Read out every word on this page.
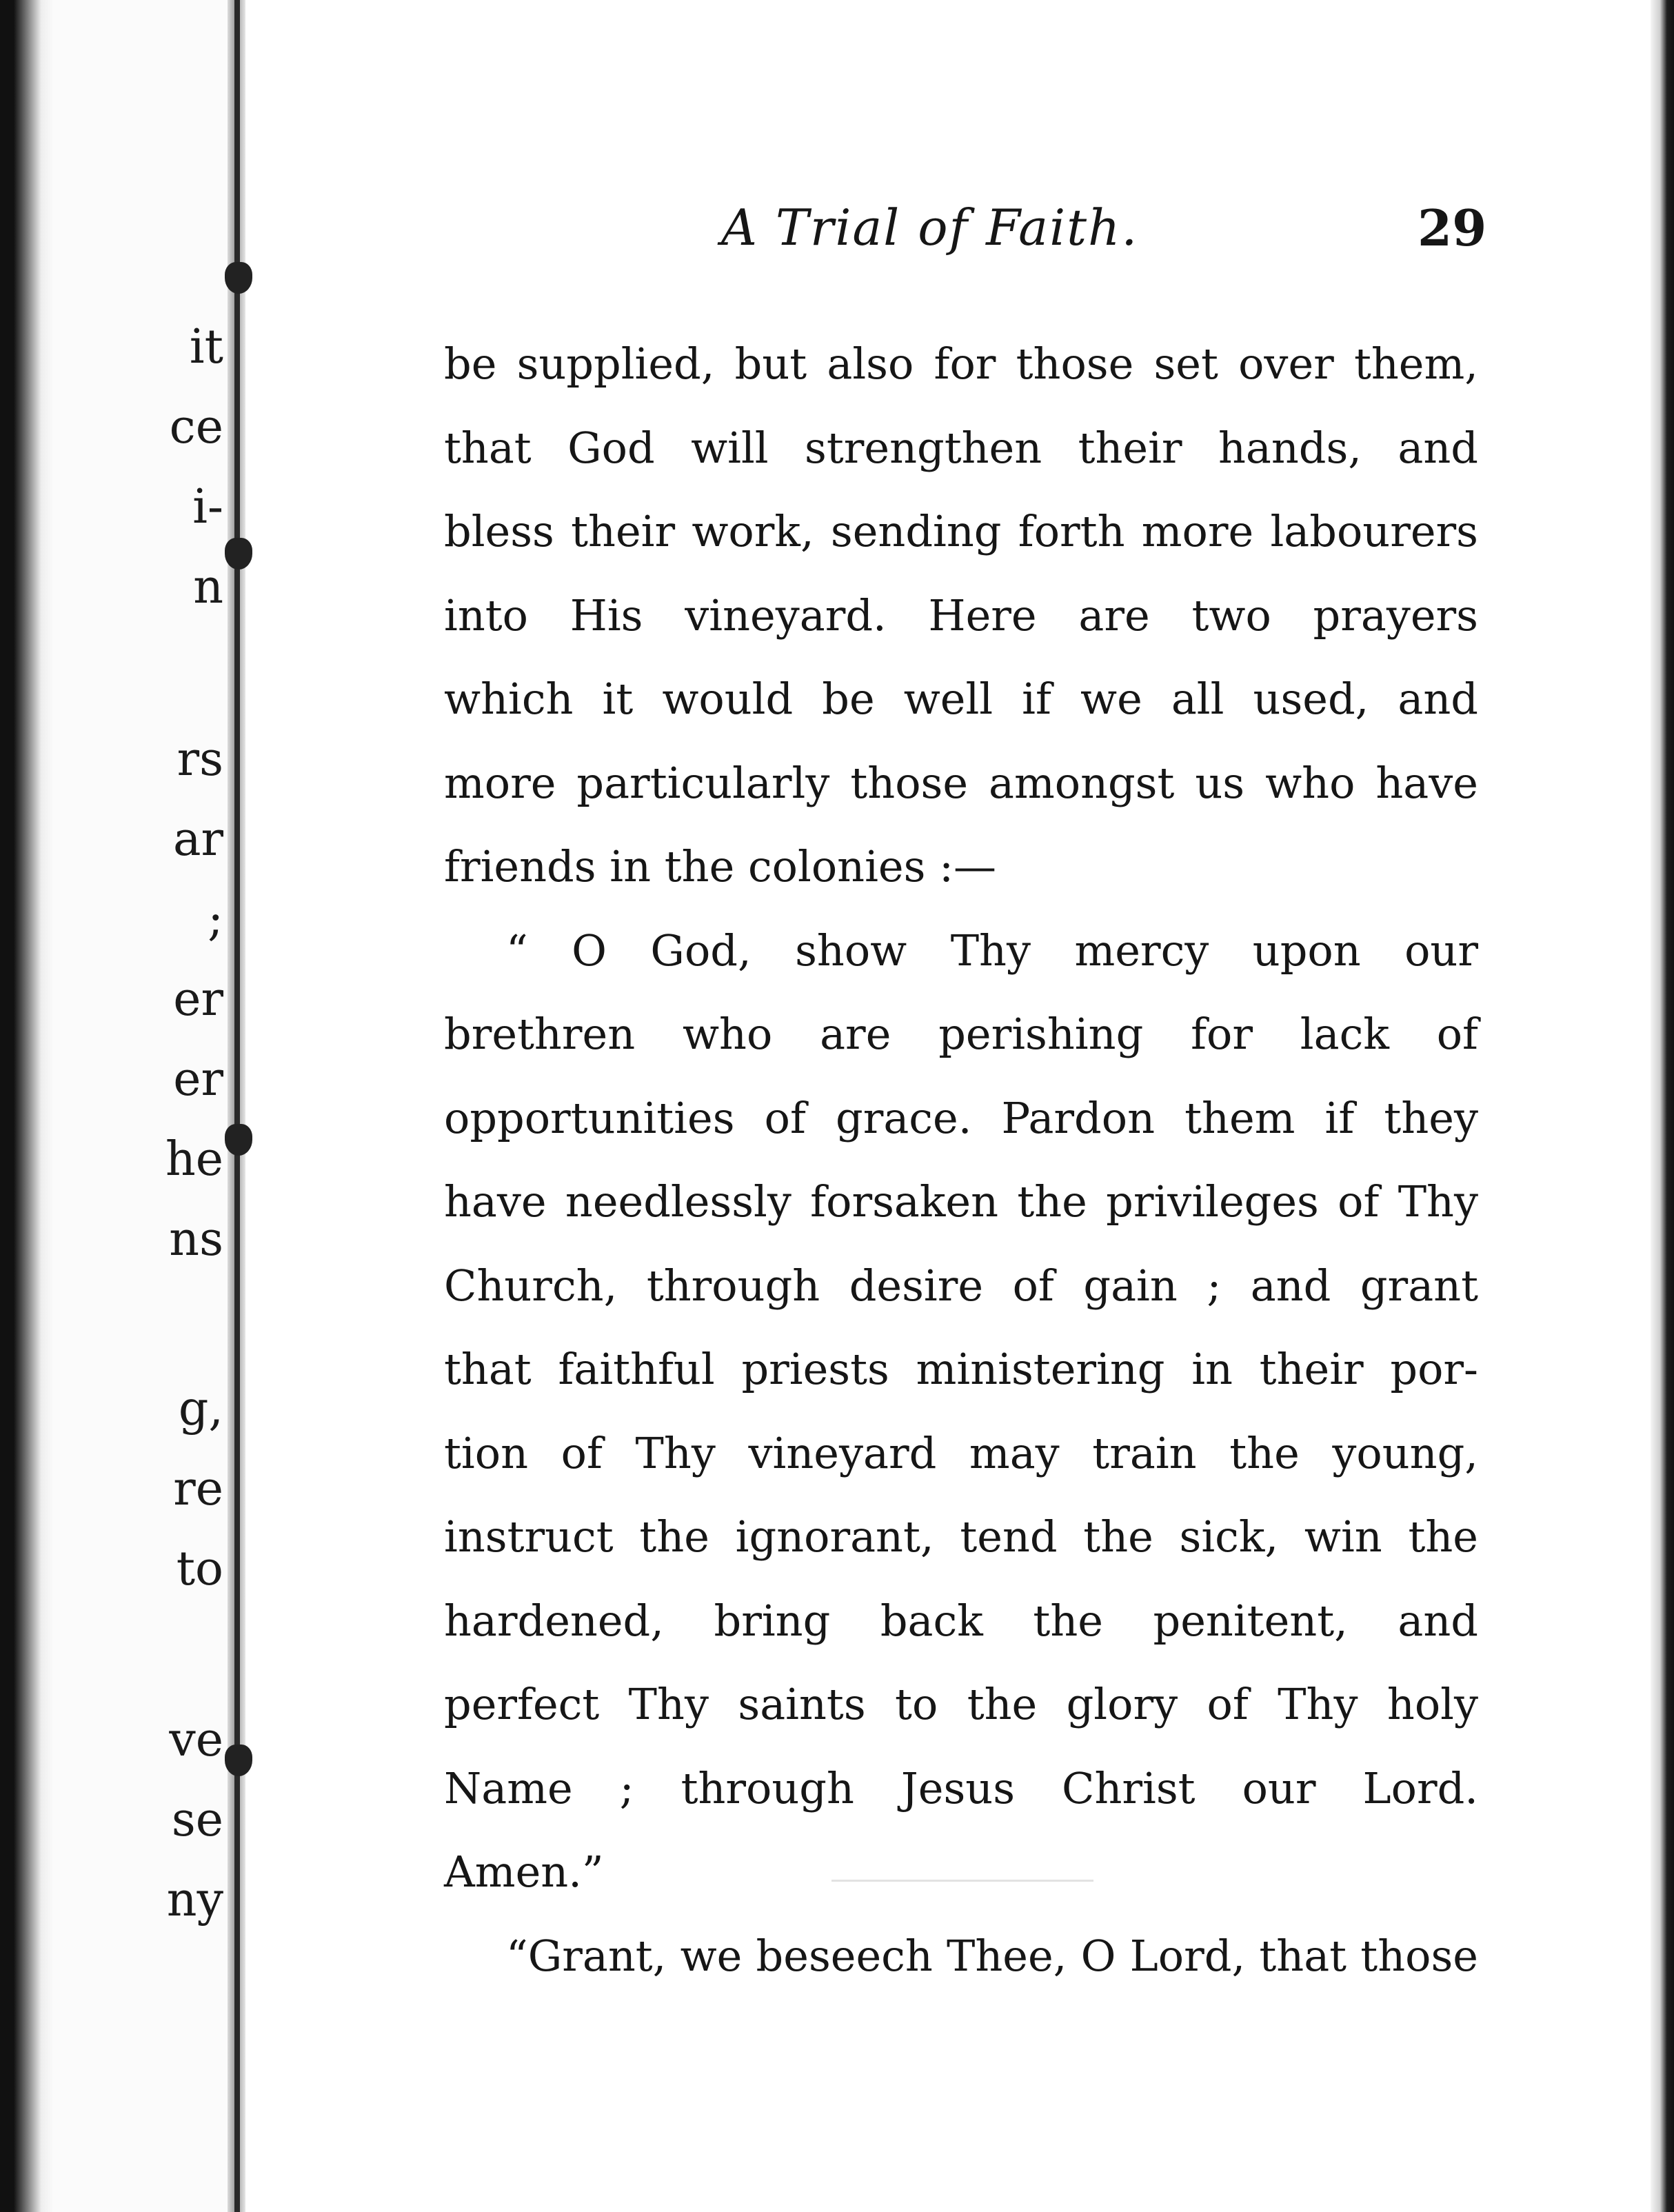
it
ce
i-
n
rs
ar
;
er
er
he
ns
g,
re
to
ve
se
ny
A Trial of Faith.	29
be supplied, but also for those set over them,
that God will strengthen their hands, and
bless their work, sending forth more labourers
into His vineyard. Here are two prayers
which it would be well if we all used, and
more particularly those amongst us who have
friends in the colonies :—
“ O God, show Thy mercy upon our
brethren who are perishing for lack of
opportunities of grace. Pardon them if they
have needlessly forsaken the privileges of Thy
Church, through desire of gain ; and grant
that faithful priests ministering in their por-
tion of Thy vineyard may train the young,
instruct the ignorant, tend the sick, win the
hardened, bring back the penitent, and
perfect Thy saints to the glory of Thy holy
Name ; through Jesus Christ our Lord.
Amen.”
“Grant, we beseech Thee, O Lord, that those
